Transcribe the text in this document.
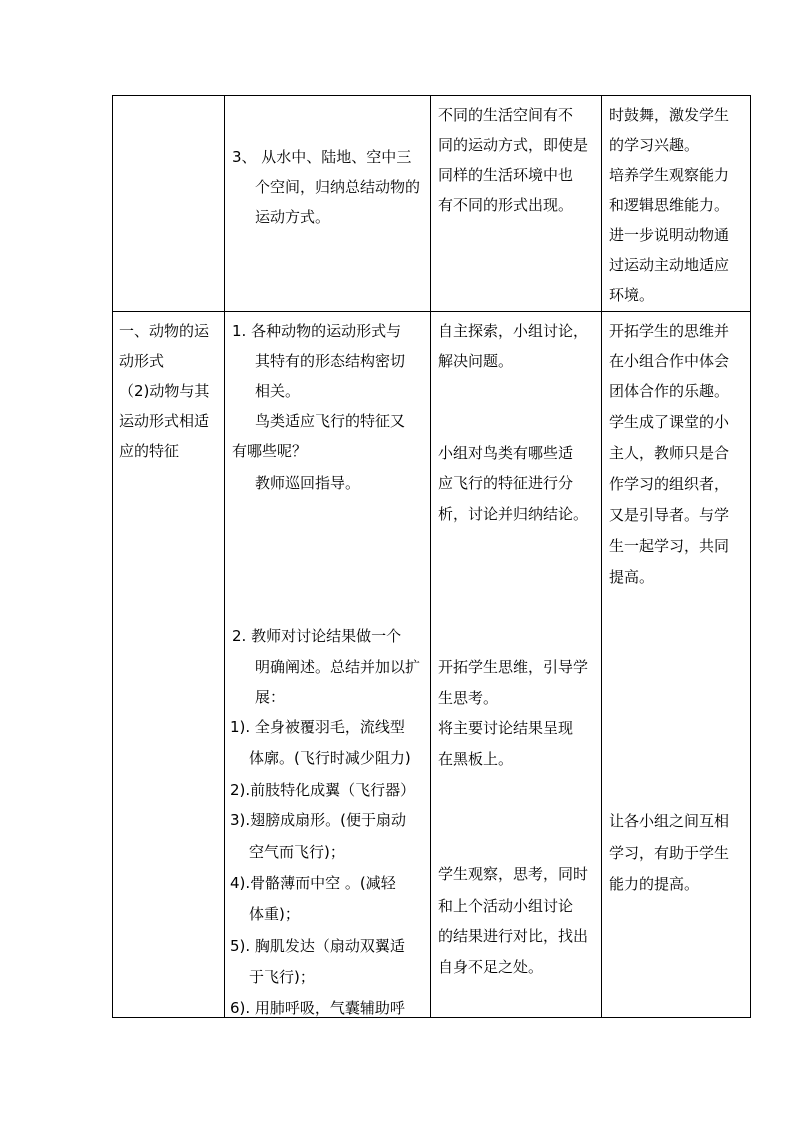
3、 从水中、陆地、空中三
个空间，归纳总结动物的
运动方式。
不同的生活空间有不
同的运动方式，即使是
同样的生活环境中也
有不同的形式出现。
时鼓舞，激发学生
的学习兴趣。
培养学生观察能力
和逻辑思维能力。
进一步说明动物通
过运动主动地适应
环境。
一、动物的运
动形式
（2)动物与其
运动形式相适
应的特征
1. 各种动物的运动形式与
其特有的形态结构密切
相关。
鸟类适应飞行的特征又
有哪些呢？
教师巡回指导。
2. 教师对讨论结果做一个
明确阐述。总结并加以扩
展：
1). 全身被覆羽毛，流线型
体廓。(飞行时减少阻力)
2).前肢特化成翼（飞行器）
3).翅膀成扇形。(便于扇动
空气而飞行)；
4).骨骼薄而中空 。(减轻
体重)；
5). 胸肌发达（扇动双翼适
于飞行)；
6). 用肺呼吸，气囊辅助呼
自主探索，小组讨论，
解决问题。
小组对鸟类有哪些适
应飞行的特征进行分
析，讨论并归纳结论。
开拓学生思维，引导学
生思考。
将主要讨论结果呈现
在黑板上。
学生观察，思考，同时
和上个活动小组讨论
的结果进行对比，找出
自身不足之处。
开拓学生的思维并
在小组合作中体会
团体合作的乐趣。
学生成了课堂的小
主人，教师只是合
作学习的组织者，
又是引导者。与学
生一起学习，共同
提高。
让各小组之间互相
学习，有助于学生
能力的提高。
